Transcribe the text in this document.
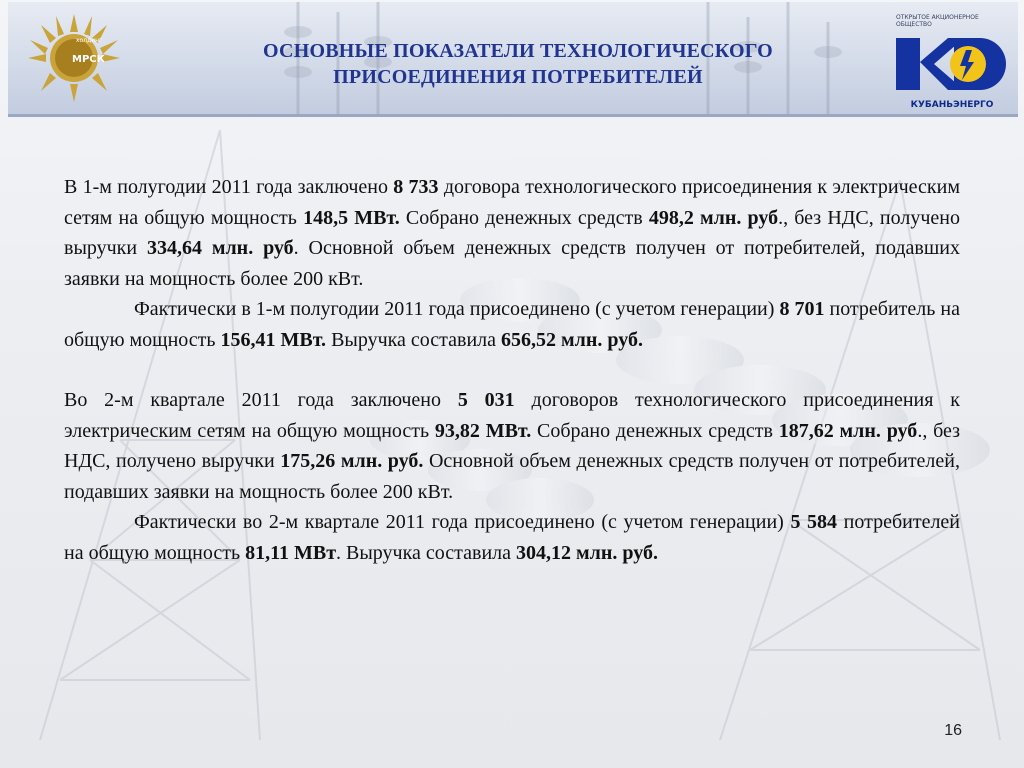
холдинг
МРСК	ОСНОВНЫЕ ПОКАЗАТЕЛИ ТЕХНОЛОГИЧЕСКОГО
ПРИСОЕДИНЕНИЯ ПОТРЕБИТЕЛЕЙ
ОТКРЫТОЕ АКЦИОНЕРНОЕ ОБЩЕСТВО
КУБАНЬЭНЕРГО

В 1-м полугодии 2011 года заключено 8 733 договора технологического присоединения к электрическим сетям на общую мощность 148,5 МВт. Собрано денежных средств 498,2 млн. руб., без НДС, получено выручки 334,64 млн. руб. Основной объем денежных средств получен от потребителей, подавших заявки на мощность более 200 кВт.

Фактически в 1-м полугодии 2011 года присоединено (с учетом генерации) 8 701 потребитель на общую мощность 156,41 МВт. Выручка составила 656,52 млн. руб.

Во 2-м квартале 2011 года заключено 5 031 договоров технологического присоединения к электрическим сетям на общую мощность 93,82 МВт. Собрано денежных средств 187,62 млн. руб., без НДС, получено выручки 175,26 млн. руб. Основной объем денежных средств получен от потребителей, подавших заявки на мощность более 200 кВт.

Фактически во 2-м квартале 2011 года присоединено (с учетом генерации) 5 584 потребителей на общую мощность 81,11 МВт. Выручка составила 304,12 млн. руб.

16
